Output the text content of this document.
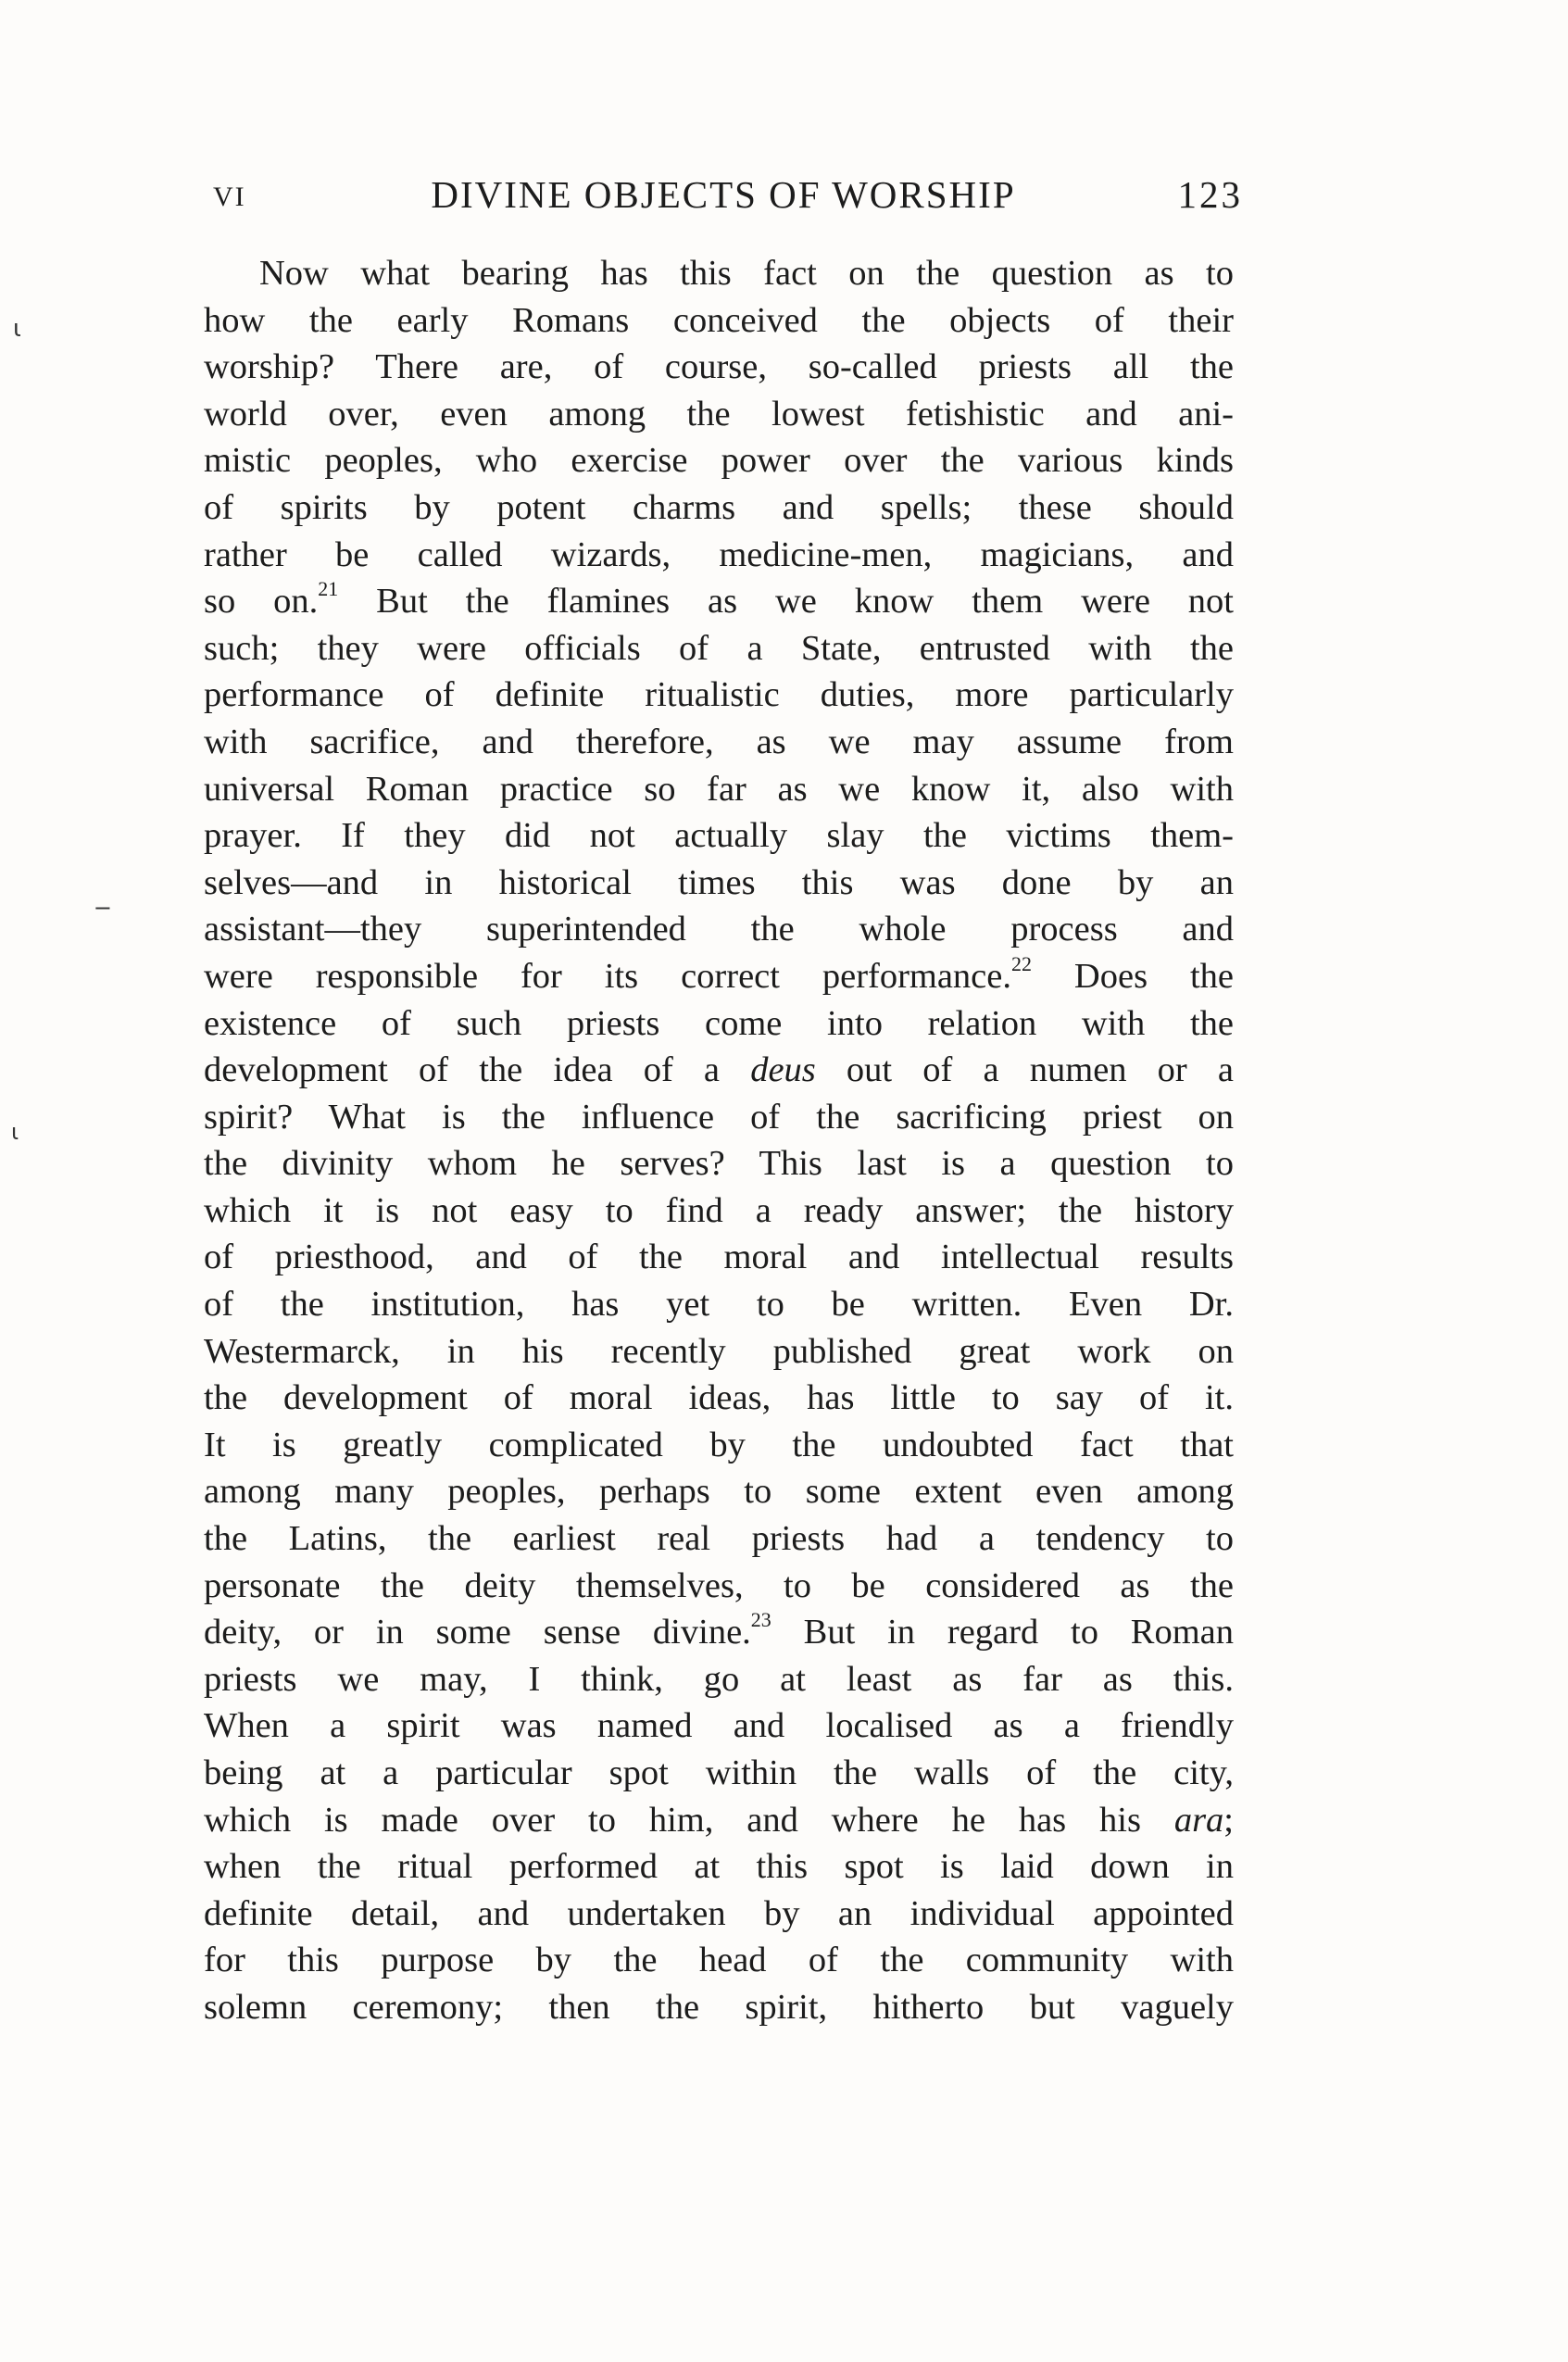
VI	DIVINE OBJECTS OF WORSHIP	123
Now what bearing has this fact on the question as to
how the early Romans conceived the objects of their
worship? There are, of course, so-called priests all the
world over, even among the lowest fetishistic and ani-
mistic peoples, who exercise power over the various kinds
of spirits by potent charms and spells; these should
rather be called wizards, medicine-men, magicians, and
so on.$^{21}$ But the flamines as we know them were not
such; they were officials of a State, entrusted with the
performance of definite ritualistic duties, more particularly
with sacrifice, and therefore, as we may assume from
universal Roman practice so far as we know it, also with
prayer. If they did not actually slay the victims them-
selves—and in historical times this was done by an
assistant—they superintended the whole process and
were responsible for its correct performance.$^{22}$ Does the
existence of such priests come into relation with the
development of the idea of a deus out of a numen or a
spirit? What is the influence of the sacrificing priest on
the divinity whom he serves? This last is a question to
which it is not easy to find a ready answer; the history
of priesthood, and of the moral and intellectual results
of the institution, has yet to be written. Even Dr.
Westermarck, in his recently published great work on
the development of moral ideas, has little to say of it.
It is greatly complicated by the undoubted fact that
among many peoples, perhaps to some extent even among
the Latins, the earliest real priests had a tendency to
personate the deity themselves, to be considered as the
deity, or in some sense divine.$^{23}$ But in regard to Roman
priests we may, I think, go at least as far as this.
When a spirit was named and localised as a friendly
being at a particular spot within the walls of the city,
which is made over to him, and where he has his ara;
when the ritual performed at this spot is laid down in
definite detail, and undertaken by an individual appointed
for this purpose by the head of the community with
solemn ceremony; then the spirit, hitherto but vaguely
ɩ
ɩ
‒
